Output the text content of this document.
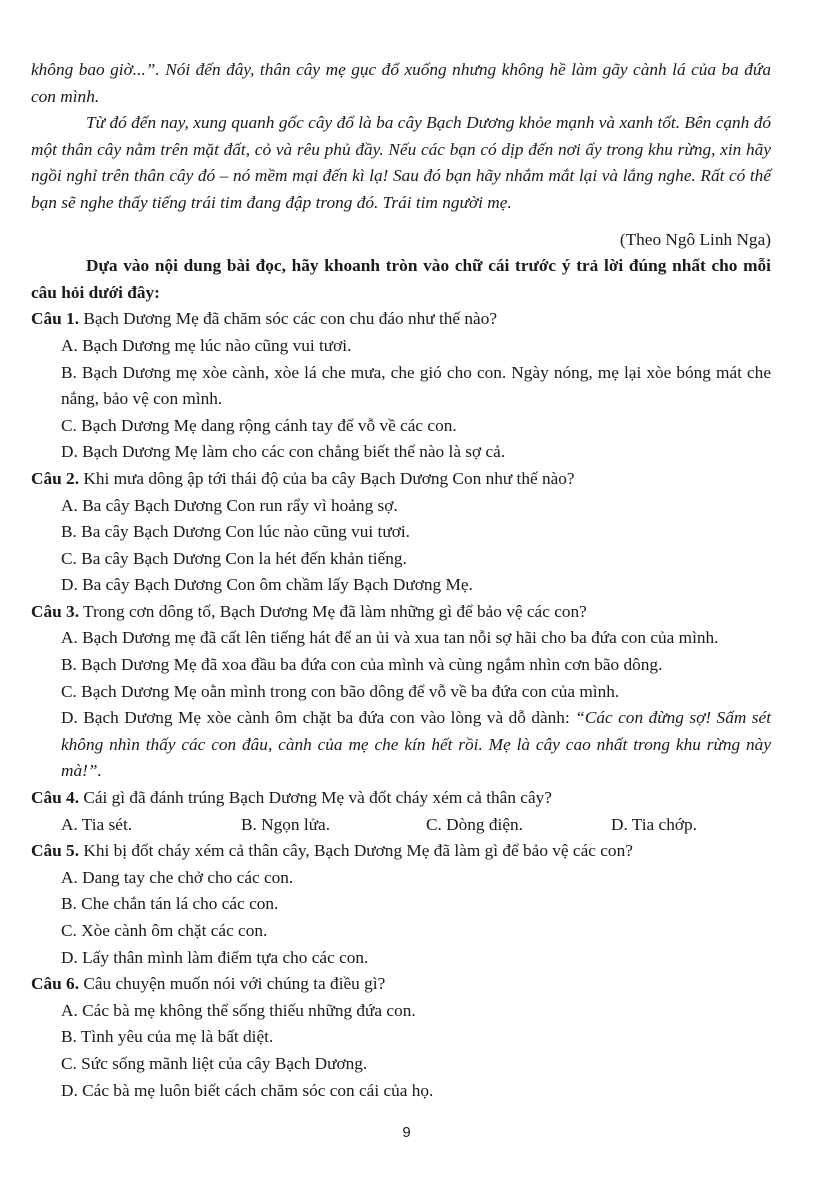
không bao giờ...”. Nói đến đây, thân cây mẹ gục đổ xuống nhưng không hề làm gãy cành lá của ba đứa con mình.

Từ đó đến nay, xung quanh gốc cây đổ là ba cây Bạch Dương khỏe mạnh và xanh tốt. Bên cạnh đó một thân cây nằm trên mặt đất, cỏ và rêu phủ đầy. Nếu các bạn có dịp đến nơi ấy trong khu rừng, xin hãy ngồi nghỉ trên thân cây đó – nó mềm mại đến kì lạ! Sau đó bạn hãy nhắm mắt lại và lắng nghe. Rất có thể bạn sẽ nghe thấy tiếng trái tim đang đập trong đó. Trái tim người mẹ.

(Theo Ngô Linh Nga)

Dựa vào nội dung bài đọc, hãy khoanh tròn vào chữ cái trước ý trả lời đúng nhất cho mỗi câu hỏi dưới đây:

Câu 1. Bạch Dương Mẹ đã chăm sóc các con chu đáo như thế nào?

A. Bạch Dương mẹ lúc nào cũng vui tươi.

B. Bạch Dương mẹ xòe cành, xòe lá che mưa, che gió cho con. Ngày nóng, mẹ lại xòe bóng mát che nắng, bảo vệ con mình.

C. Bạch Dương Mẹ dang rộng cánh tay để vỗ về các con.

D. Bạch Dương Mẹ làm cho các con chẳng biết thế nào là sợ cả.

Câu 2. Khi mưa dông ập tới thái độ của ba cây Bạch Dương Con như thế nào?

A. Ba cây Bạch Dương Con run rẩy vì hoảng sợ.

B. Ba cây Bạch Dương Con lúc nào cũng vui tươi.

C. Ba cây Bạch Dương Con la hét đến khản tiếng.

D. Ba cây Bạch Dương Con ôm chầm lấy Bạch Dương Mẹ.

Câu 3. Trong cơn dông tố, Bạch Dương Mẹ đã làm những gì để bảo vệ các con?

A. Bạch Dương mẹ đã cất lên tiếng hát để an ủi và xua tan nỗi sợ hãi cho ba đứa con của mình.

B. Bạch Dương Mẹ đã xoa đầu ba đứa con của mình và cùng ngắm nhìn cơn bão dông.

C. Bạch Dương Mẹ oằn mình trong con bão dông để vỗ về ba đứa con của mình.

D. Bạch Dương Mẹ xòe cành ôm chặt ba đứa con vào lòng và dỗ dành: “Các con đừng sợ! Sấm sét không nhìn thấy các con đâu, cành của mẹ che kín hết rồi. Mẹ là cây cao nhất trong khu rừng này mà!”.

Câu 4. Cái gì đã đánh trúng Bạch Dương Mẹ và đốt cháy xém cả thân cây?

A. Tia sét.	B. Ngọn lửa.	C. Dòng điện.	D. Tia chớp.

Câu 5. Khi bị đốt cháy xém cả thân cây, Bạch Dương Mẹ đã làm gì để bảo vệ các con?

A. Dang tay che chở cho các con.

B. Che chắn tán lá cho các con.

C. Xòe cành ôm chặt các con.

D. Lấy thân mình làm điểm tựa cho các con.

Câu 6. Câu chuyện muốn nói với chúng ta điều gì?

A. Các bà mẹ không thể sống thiếu những đứa con.

B. Tình yêu của mẹ là bất diệt.

C. Sức sống mãnh liệt của cây Bạch Dương.

D. Các bà mẹ luôn biết cách chăm sóc con cái của họ.

9
